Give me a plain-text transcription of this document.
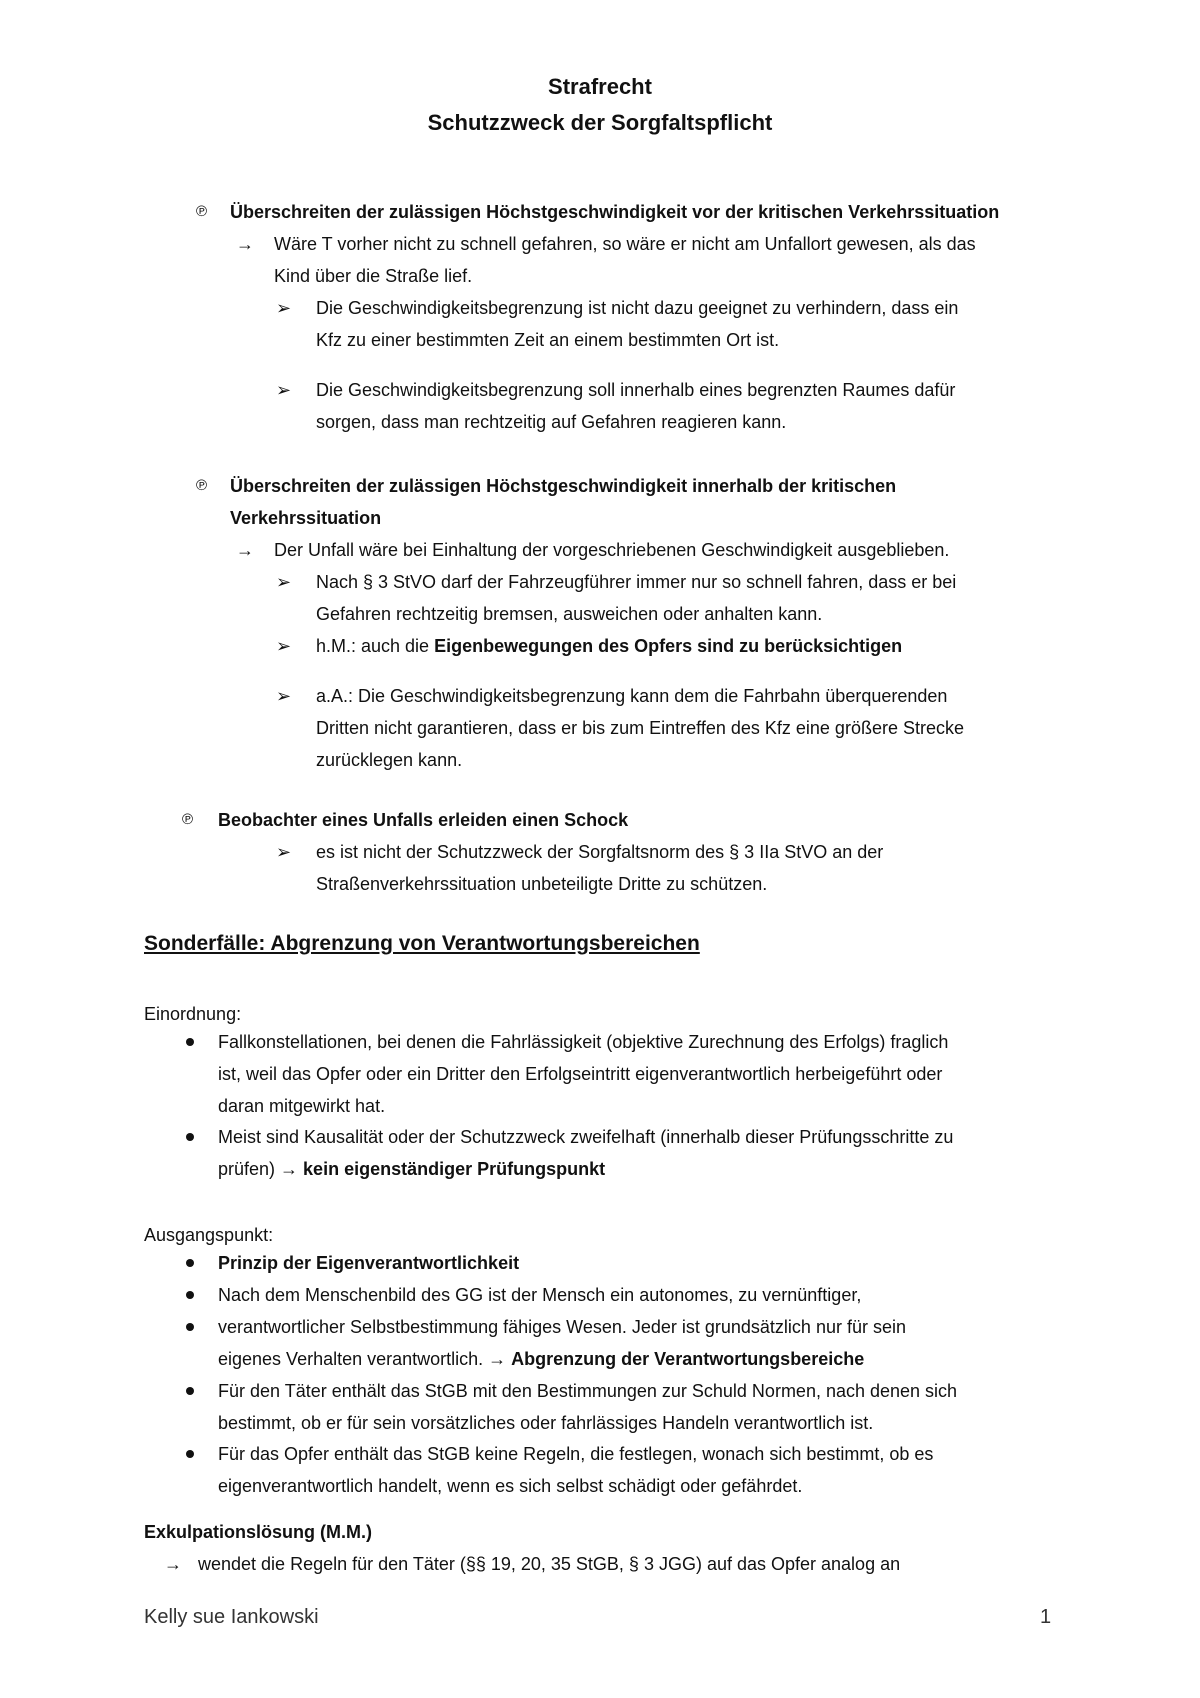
Strafrecht
Schutzzweck der Sorgfaltspflicht
℗ Überschreiten der zulässigen Höchstgeschwindigkeit vor der kritischen Verkehrssituation
→ Wäre T vorher nicht zu schnell gefahren, so wäre er nicht am Unfallort gewesen, als das
Kind über die Straße lief.
➢ Die Geschwindigkeitsbegrenzung ist nicht dazu geeignet zu verhindern, dass ein
Kfz zu einer bestimmten Zeit an einem bestimmten Ort ist.
➢ Die Geschwindigkeitsbegrenzung soll innerhalb eines begrenzten Raumes dafür
sorgen, dass man rechtzeitig auf Gefahren reagieren kann.
℗ Überschreiten der zulässigen Höchstgeschwindigkeit innerhalb der kritischen
Verkehrssituation
→ Der Unfall wäre bei Einhaltung der vorgeschriebenen Geschwindigkeit ausgeblieben.
➢ Nach § 3 StVO darf der Fahrzeugführer immer nur so schnell fahren, dass er bei
Gefahren rechtzeitig bremsen, ausweichen oder anhalten kann.
➢ h.M.: auch die Eigenbewegungen des Opfers sind zu berücksichtigen
➢ a.A.: Die Geschwindigkeitsbegrenzung kann dem die Fahrbahn überquerenden
Dritten nicht garantieren, dass er bis zum Eintreffen des Kfz eine größere Strecke
zurücklegen kann.
℗ Beobachter eines Unfalls erleiden einen Schock
➢ es ist nicht der Schutzzweck der Sorgfaltsnorm des § 3 IIa StVO an der
Straßenverkehrssituation unbeteiligte Dritte zu schützen.
Sonderfälle: Abgrenzung von Verantwortungsbereichen
Einordnung:
Fallkonstellationen, bei denen die Fahrlässigkeit (objektive Zurechnung des Erfolgs) fraglich
ist, weil das Opfer oder ein Dritter den Erfolgseintritt eigenverantwortlich herbeigeführt oder
daran mitgewirkt hat.
Meist sind Kausalität oder der Schutzzweck zweifelhaft (innerhalb dieser Prüfungsschritte zu
prüfen) → kein eigenständiger Prüfungspunkt
Ausgangspunkt:
Prinzip der Eigenverantwortlichkeit
Nach dem Menschenbild des GG ist der Mensch ein autonomes, zu vernünftiger,
verantwortlicher Selbstbestimmung fähiges Wesen. Jeder ist grundsätzlich nur für sein
eigenes Verhalten verantwortlich. → Abgrenzung der Verantwortungsbereiche
Für den Täter enthält das StGB mit den Bestimmungen zur Schuld Normen, nach denen sich
bestimmt, ob er für sein vorsätzliches oder fahrlässiges Handeln verantwortlich ist.
Für das Opfer enthält das StGB keine Regeln, die festlegen, wonach sich bestimmt, ob es
eigenverantwortlich handelt, wenn es sich selbst schädigt oder gefährdet.
Exkulpationslösung (M.M.)
→ wendet die Regeln für den Täter (§§ 19, 20, 35 StGB, § 3 JGG) auf das Opfer analog an
Kelly sue Iankowski	1
